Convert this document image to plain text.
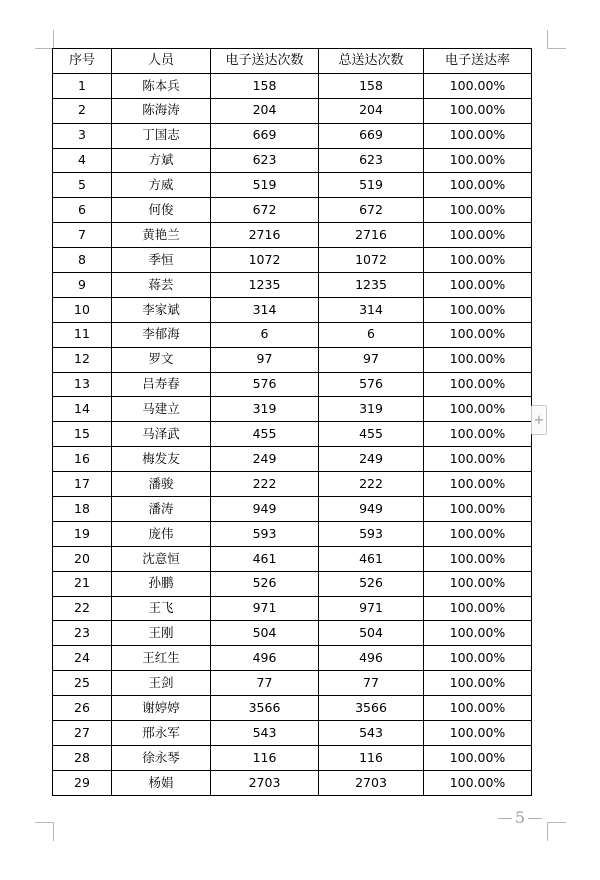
序号	人员	电子送达次数	总送达次数	电子送达率
1	陈本兵	158	158	100.00%
2	陈海涛	204	204	100.00%
3	丁国志	669	669	100.00%
4	方斌	623	623	100.00%
5	方威	519	519	100.00%
6	何俊	672	672	100.00%
7	黄艳兰	2716	2716	100.00%
8	季恒	1072	1072	100.00%
9	蒋芸	1235	1235	100.00%
10	李家斌	314	314	100.00%
11	李郁海	6	6	100.00%
12	罗文	97	97	100.00%
13	吕寿春	576	576	100.00%
14	马建立	319	319	100.00%
15	马泽武	455	455	100.00%
16	梅发友	249	249	100.00%
17	潘骏	222	222	100.00%
18	潘涛	949	949	100.00%
19	庞伟	593	593	100.00%
20	沈意恒	461	461	100.00%
21	孙鹏	526	526	100.00%
22	王飞	971	971	100.00%
23	王刚	504	504	100.00%
24	王红生	496	496	100.00%
25	王剑	77	77	100.00%
26	谢婷婷	3566	3566	100.00%
27	邢永军	543	543	100.00%
28	徐永琴	116	116	100.00%
29	杨娟	2703	2703	100.00%
+
5
